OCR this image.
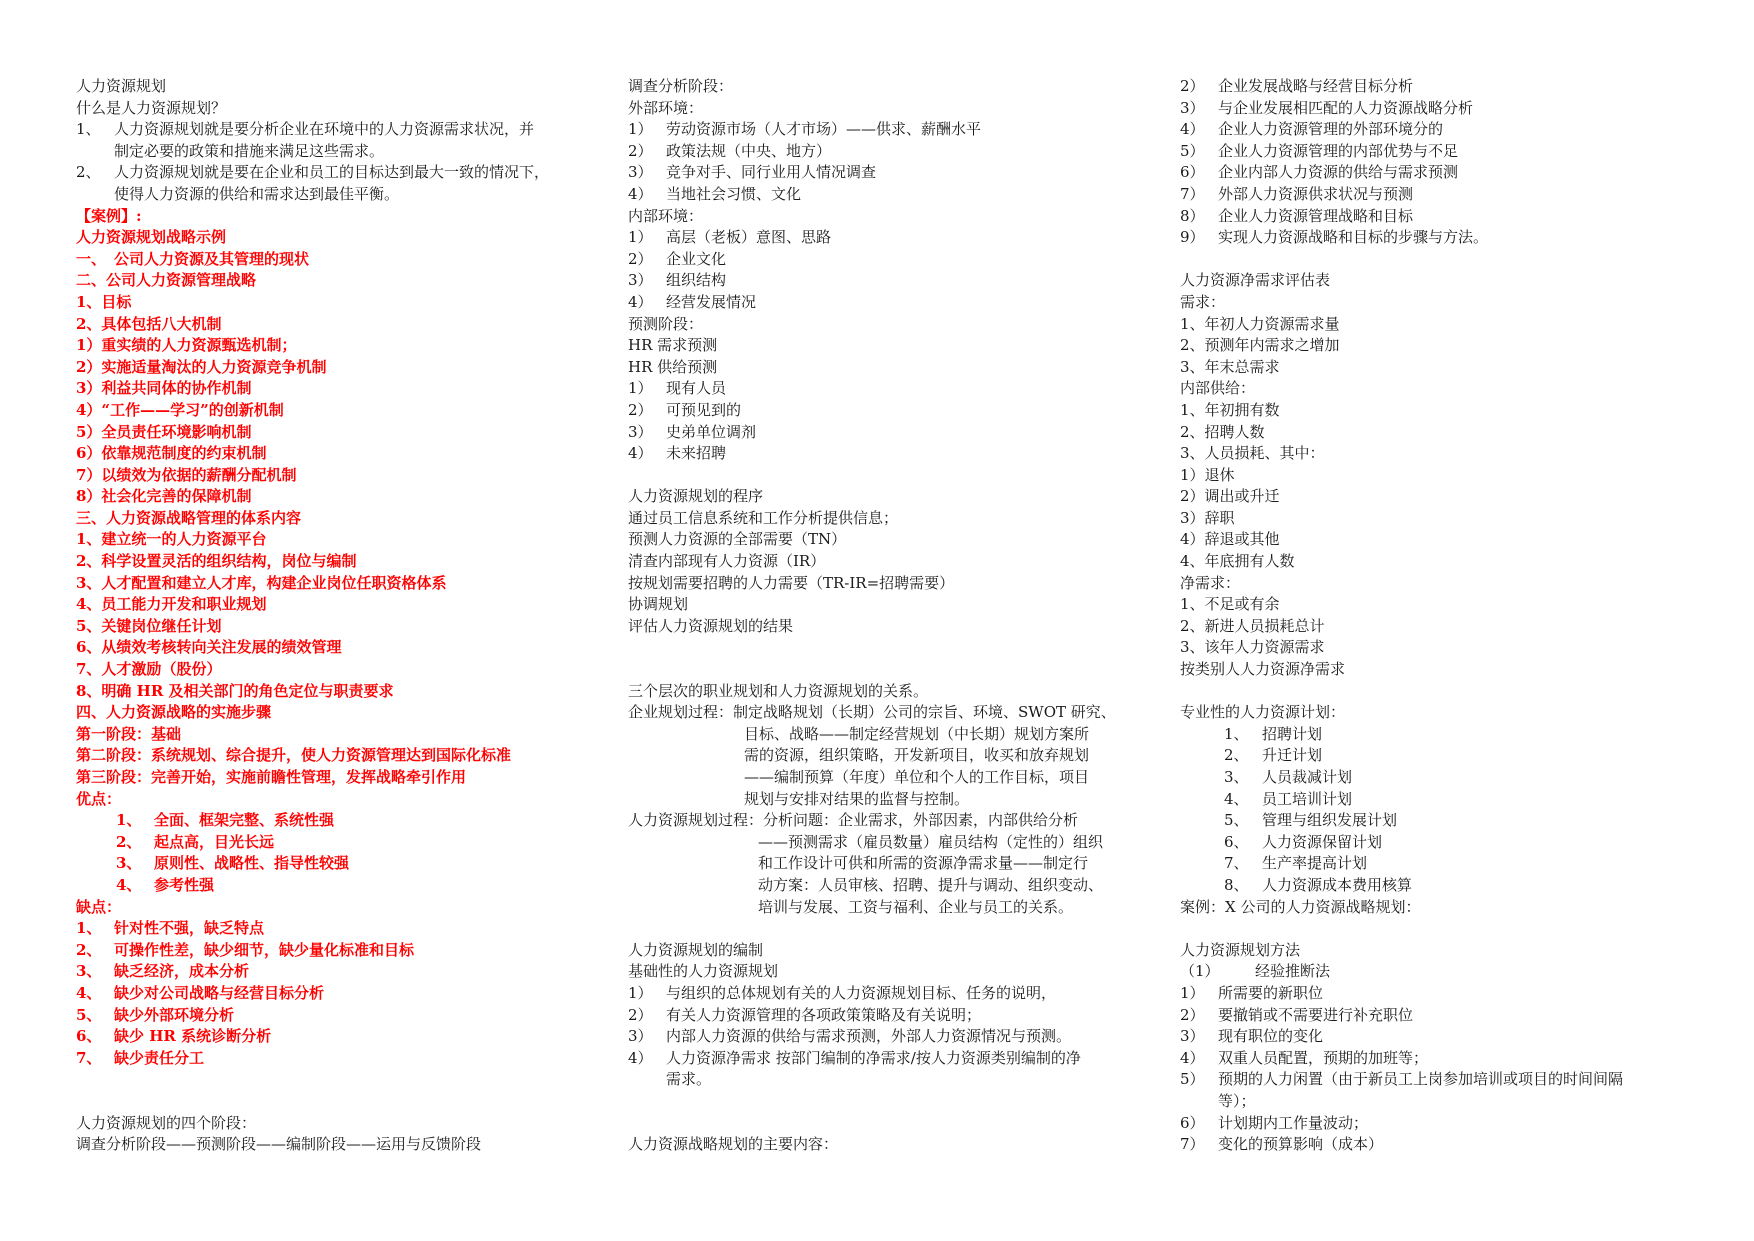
人力资源规划
什么是人力资源规划？
1、 人力资源规划就是要分析企业在环境中的人力资源需求状况，并
制定必要的政策和措施来满足这些需求。
2、 人力资源规划就是要在企业和员工的目标达到最大一致的情况下，
使得人力资源的供给和需求达到最佳平衡。
【案例】:
人力资源规划战略示例
一、 公司人力资源及其管理的现状
二、公司人力资源管理战略
1、目标
2、具体包括八大机制
1）重实绩的人力资源甄选机制；
2）实施适量淘汰的人力资源竞争机制
3）利益共同体的协作机制
4）“工作——学习”的创新机制
5）全员责任环境影响机制
6）依靠规范制度的约束机制
7）以绩效为依据的薪酬分配机制
8）社会化完善的保障机制
三、人力资源战略管理的体系内容
1、建立统一的人力资源平台
2、科学设置灵活的组织结构，岗位与编制
3、人才配置和建立人才库，构建企业岗位任职资格体系
4、员工能力开发和职业规划
5、关键岗位继任计划
6、从绩效考核转向关注发展的绩效管理
7、人才激励（股份）
8、明确 HR 及相关部门的角色定位与职责要求
四、人力资源战略的实施步骤
第一阶段：基础
第二阶段：系统规划、综合提升，使人力资源管理达到国际化标准
第三阶段：完善开始，实施前瞻性管理，发挥战略牵引作用
优点：
1、 全面、框架完整、系统性强
2、 起点高，目光长远
3、 原则性、战略性、指导性较强
4、 参考性强
缺点：
1、 针对性不强，缺乏特点
2、 可操作性差，缺少细节，缺少量化标准和目标
3、 缺乏经济，成本分析
4、 缺少对公司战略与经营目标分析
5、 缺少外部环境分析
6、 缺少 HR 系统诊断分析
7、 缺少责任分工
人力资源规划的四个阶段：
调查分析阶段——预测阶段——编制阶段——运用与反馈阶段
调查分析阶段：
外部环境：
1） 劳动资源市场（人才市场）——供求、薪酬水平
2） 政策法规（中央、地方）
3） 竞争对手、同行业用人情况调查
4） 当地社会习惯、文化
内部环境：
1） 高层（老板）意图、思路
2） 企业文化
3） 组织结构
4） 经营发展情况
预测阶段：
HR 需求预测
HR 供给预测
1） 现有人员
2） 可预见到的
3） 史弟单位调剂
4） 未来招聘
人力资源规划的程序
通过员工信息系统和工作分析提供信息；
预测人力资源的全部需要（TN）
清查内部现有人力资源（IR）
按规划需要招聘的人力需要（TR-IR=招聘需要）
协调规划
评估人力资源规划的结果
三个层次的职业规划和人力资源规划的关系。
企业规划过程：制定战略规划（长期）公司的宗旨、环境、SWOT 研究、
目标、战略——制定经营规划（中长期）规划方案所
需的资源，组织策略，开发新项目，收买和放弃规划
——编制预算（年度）单位和个人的工作目标，项目
规划与安排对结果的监督与控制。
人力资源规划过程：分析问题：企业需求，外部因素，内部供给分析
——预测需求（雇员数量）雇员结构（定性的）组织
和工作设计可供和所需的资源净需求量——制定行
动方案：人员审核、招聘、提升与调动、组织变动、
培训与发展、工资与福利、企业与员工的关系。
人力资源规划的编制
基础性的人力资源规划
1） 与组织的总体规划有关的人力资源规划目标、任务的说明，
2） 有关人力资源管理的各项政策策略及有关说明；
3） 内部人力资源的供给与需求预测，外部人力资源情况与预测。
4） 人力资源净需求 按部门编制的净需求/按人力资源类别编制的净
需求。
人力资源战略规划的主要内容：
2） 企业发展战略与经营目标分析
3） 与企业发展相匹配的人力资源战略分析
4） 企业人力资源管理的外部环境分的
5） 企业人力资源管理的内部优势与不足
6） 企业内部人力资源的供给与需求预测
7） 外部人力资源供求状况与预测
8） 企业人力资源管理战略和目标
9） 实现人力资源战略和目标的步骤与方法。
人力资源净需求评估表
需求：
1、年初人力资源需求量
2、预测年内需求之增加
3、年末总需求
内部供给：
1、年初拥有数
2、招聘人数
3、人员损耗、其中：
1）退休
2）调出或升迁
3）辞职
4）辞退或其他
4、年底拥有人数
净需求：
1、不足或有余
2、新进人员损耗总计
3、该年人力资源需求
按类别人人力资源净需求
专业性的人力资源计划：
1、 招聘计划
2、 升迁计划
3、 人员裁减计划
4、 员工培训计划
5、 管理与组织发展计划
6、 人力资源保留计划
7、 生产率提高计划
8、 人力资源成本费用核算
案例：X 公司的人力资源战略规划：
人力资源规划方法
（1） 经验推断法
1） 所需要的新职位
2） 要撤销或不需要进行补充职位
3） 现有职位的变化
4） 双重人员配置，预期的加班等；
5） 预期的人力闲置（由于新员工上岗参加培训或项目的时间间隔
等）；
6） 计划期内工作量波动；
7） 变化的预算影响（成本）
